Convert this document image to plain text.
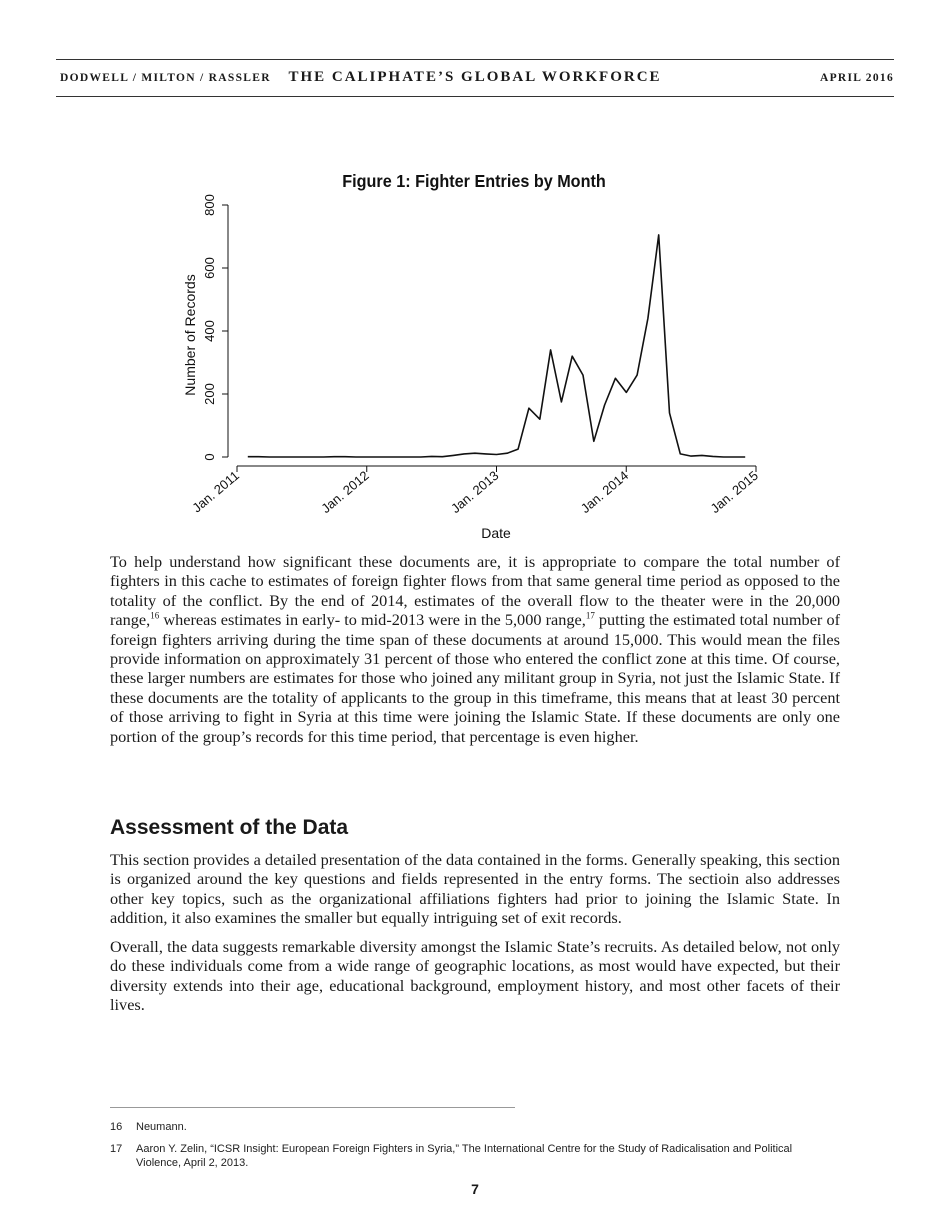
DODWELL / MILTON / RASSLER	THE CALIPHATE’S GLOBAL WORKFORCE	APRIL 2016
Figure 1: Fighter Entries by Month
Number of Records
Date
0
200
400
600
800
Jan. 2011	Jan. 2012	Jan. 2013	Jan. 2014	Jan. 2015

To help understand how significant these documents are, it is appropriate to compare the total number of fighters in this cache to estimates of foreign fighter flows from that same general time period as opposed to the totality of the conflict. By the end of 2014, estimates of the overall flow to the theater were in the 20,000 range,$^{16}$ whereas estimates in early- to mid-2013 were in the 5,000 range,$^{17}$ putting the estimated total number of foreign fighters arriving during the time span of these documents at around 15,000. This would mean the files provide information on approximately 31 percent of those who entered the conflict zone at this time. Of course, these larger numbers are estimates for those who joined any militant group in Syria, not just the Islamic State. If these documents are the totality of applicants to the group in this timeframe, this means that at least 30 percent of those arriving to fight in Syria at this time were joining the Islamic State. If these documents are only one portion of the group’s records for this time period, that percentage is even higher.

Assessment of the Data

This section provides a detailed presentation of the data contained in the forms. Generally speaking, this section is organized around the key questions and fields represented in the entry forms. The sectioin also addresses other key topics, such as the organizational affiliations fighters had prior to joining the Islamic State. In addition, it also examines the smaller but equally intriguing set of exit records.

Overall, the data suggests remarkable diversity amongst the Islamic State’s recruits. As detailed below, not only do these individuals come from a wide range of geographic locations, as most would have expected, but their diversity extends into their age, educational background, employment history, and most other facets of their lives.

16 Neumann.
17 Aaron Y. Zelin, “ICSR Insight: European Foreign Fighters in Syria,” The International Centre for the Study of Radicalisation and Political Violence, April 2, 2013.
7
